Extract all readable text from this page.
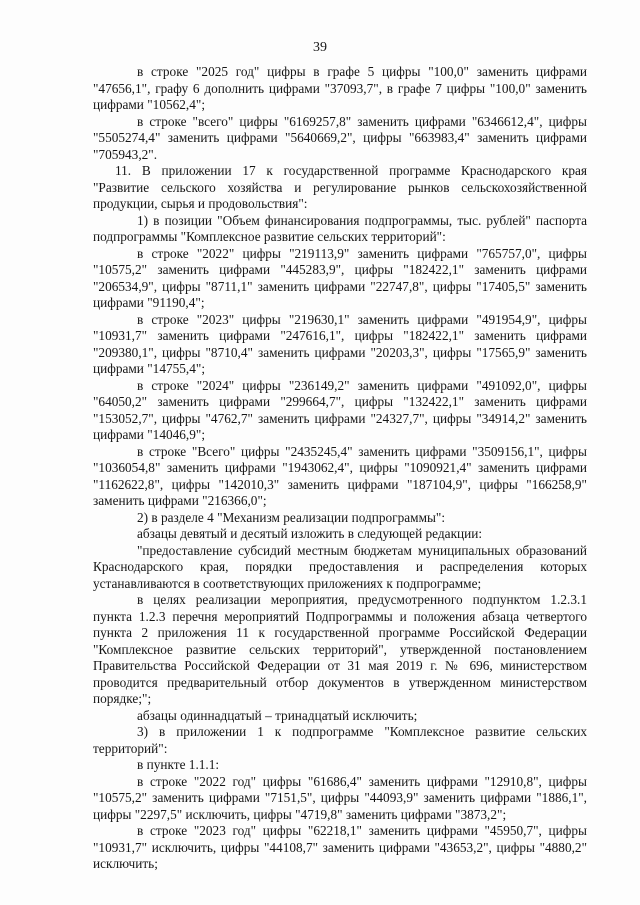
39

в строке "2025 год" цифры в графе 5 цифры "100,0" заменить цифрами "47656,1", графу 6 дополнить цифрами "37093,7", в графе 7 цифры "100,0" заменить цифрами "10562,4";

в строке "всего" цифры "6169257,8" заменить цифрами "6346612,4", цифры "5505274,4" заменить цифрами "5640669,2", цифры "663983,4" заменить цифрами "705943,2".

11. В приложении 17 к государственной программе Краснодарского края "Развитие сельского хозяйства и регулирование рынков сельскохозяйственной продукции, сырья и продовольствия":

1) в позиции "Объем финансирования подпрограммы, тыс. рублей" паспорта подпрограммы "Комплексное развитие сельских территорий":

в строке "2022" цифры "219113,9" заменить цифрами "765757,0", цифры "10575,2" заменить цифрами "445283,9", цифры "182422,1" заменить цифрами "206534,9", цифры "8711,1" заменить цифрами "22747,8", цифры "17405,5" заменить цифрами "91190,4";

в строке "2023" цифры "219630,1" заменить цифрами "491954,9", цифры "10931,7" заменить цифрами "247616,1", цифры "182422,1" заменить цифрами "209380,1", цифры "8710,4" заменить цифрами "20203,3", цифры "17565,9" заменить цифрами "14755,4";

в строке "2024" цифры "236149,2" заменить цифрами "491092,0", цифры "64050,2" заменить цифрами "299664,7", цифры "132422,1" заменить цифрами "153052,7", цифры "4762,7" заменить цифрами "24327,7", цифры "34914,2" заменить цифрами "14046,9";

в строке "Всего" цифры "2435245,4" заменить цифрами "3509156,1", цифры "1036054,8" заменить цифрами "1943062,4", цифры "1090921,4" заменить цифрами "1162622,8", цифры "142010,3" заменить цифрами "187104,9", цифры "166258,9" заменить цифрами "216366,0";

2) в разделе 4 "Механизм реализации подпрограммы":

абзацы девятый и десятый изложить в следующей редакции:

"предоставление субсидий местным бюджетам муниципальных образований Краснодарского края, порядки предоставления и распределения которых устанавливаются в соответствующих приложениях к подпрограмме;

в целях реализации мероприятия, предусмотренного подпунктом 1.2.3.1 пункта 1.2.3 перечня мероприятий Подпрограммы и положения абзаца четвертого пункта 2 приложения 11 к государственной программе Российской Федерации "Комплексное развитие сельских территорий", утвержденной постановлением Правительства Российской Федерации от 31 мая 2019 г. № 696, министерством проводится предварительный отбор документов в утвержденном министерством порядке;";

абзацы одиннадцатый – тринадцатый исключить;

3) в приложении 1 к подпрограмме "Комплексное развитие сельских территорий":

в пункте 1.1.1:

в строке "2022 год" цифры "61686,4" заменить цифрами "12910,8", цифры "10575,2" заменить цифрами "7151,5", цифры "44093,9" заменить цифрами "1886,1", цифры "2297,5" исключить, цифры "4719,8" заменить цифрами "3873,2";

в строке "2023 год" цифры "62218,1" заменить цифрами "45950,7", цифры "10931,7" исключить, цифры "44108,7" заменить цифрами "43653,2", цифры "4880,2" исключить;
